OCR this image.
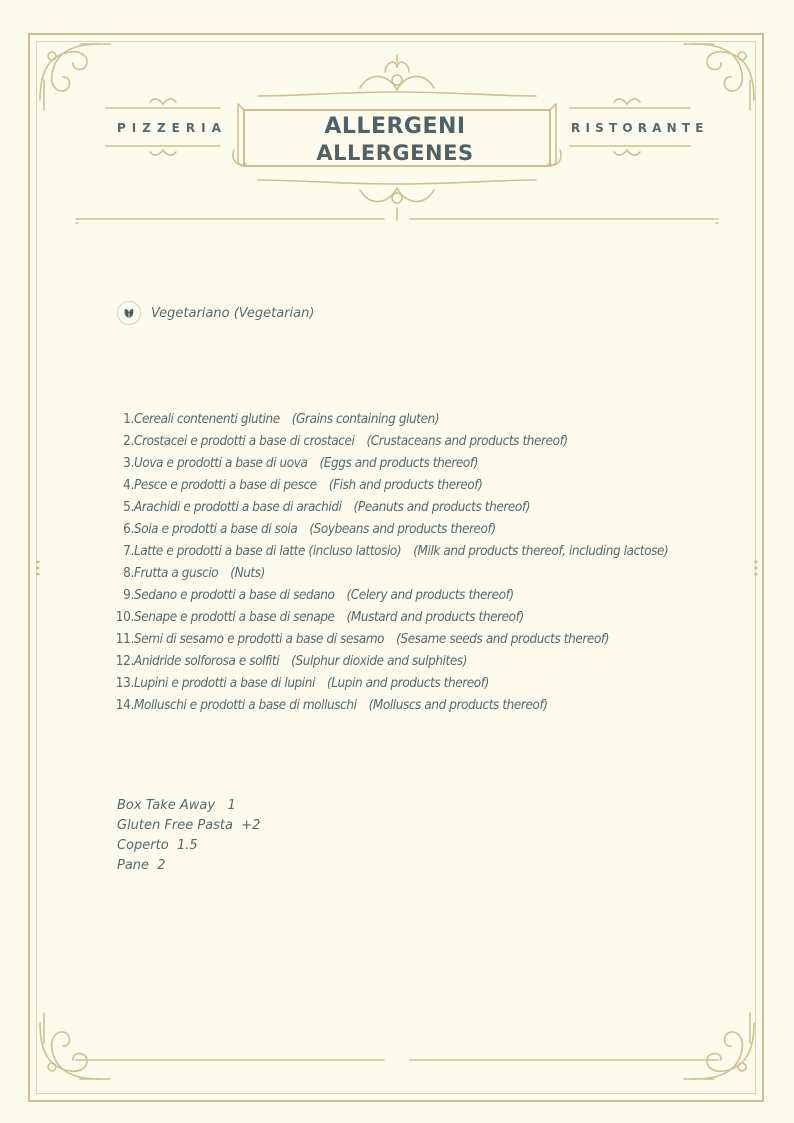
PIZZERIA	RISTORANTE
ALLERGENI
ALLERGENES
Vegetariano (Vegetarian)
1. Cereali contenenti glutine (Grains containing gluten)
2. Crostacei e prodotti a base di crostacei (Crustaceans and products thereof)
3. Uova e prodotti a base di uova (Eggs and products thereof)
4. Pesce e prodotti a base di pesce (Fish and products thereof)
5. Arachidi e prodotti a base di arachidi (Peanuts and products thereof)
6. Soia e prodotti a base di soia (Soybeans and products thereof)
7. Latte e prodotti a base di latte (incluso lattosio) (Milk and products thereof, including lactose)
8. Frutta a guscio (Nuts)
9. Sedano e prodotti a base di sedano (Celery and products thereof)
10. Senape e prodotti a base di senape (Mustard and products thereof)
11. Semi di sesamo e prodotti a base di sesamo (Sesame seeds and products thereof)
12. Anidride solforosa e solfiti (Sulphur dioxide and sulphites)
13. Lupini e prodotti a base di lupini (Lupin and products thereof)
14. Molluschi e prodotti a base di molluschi (Molluscs and products thereof)
Box Take Away   1
Gluten Free Pasta  +2
Coperto  1.5
Pane  2
